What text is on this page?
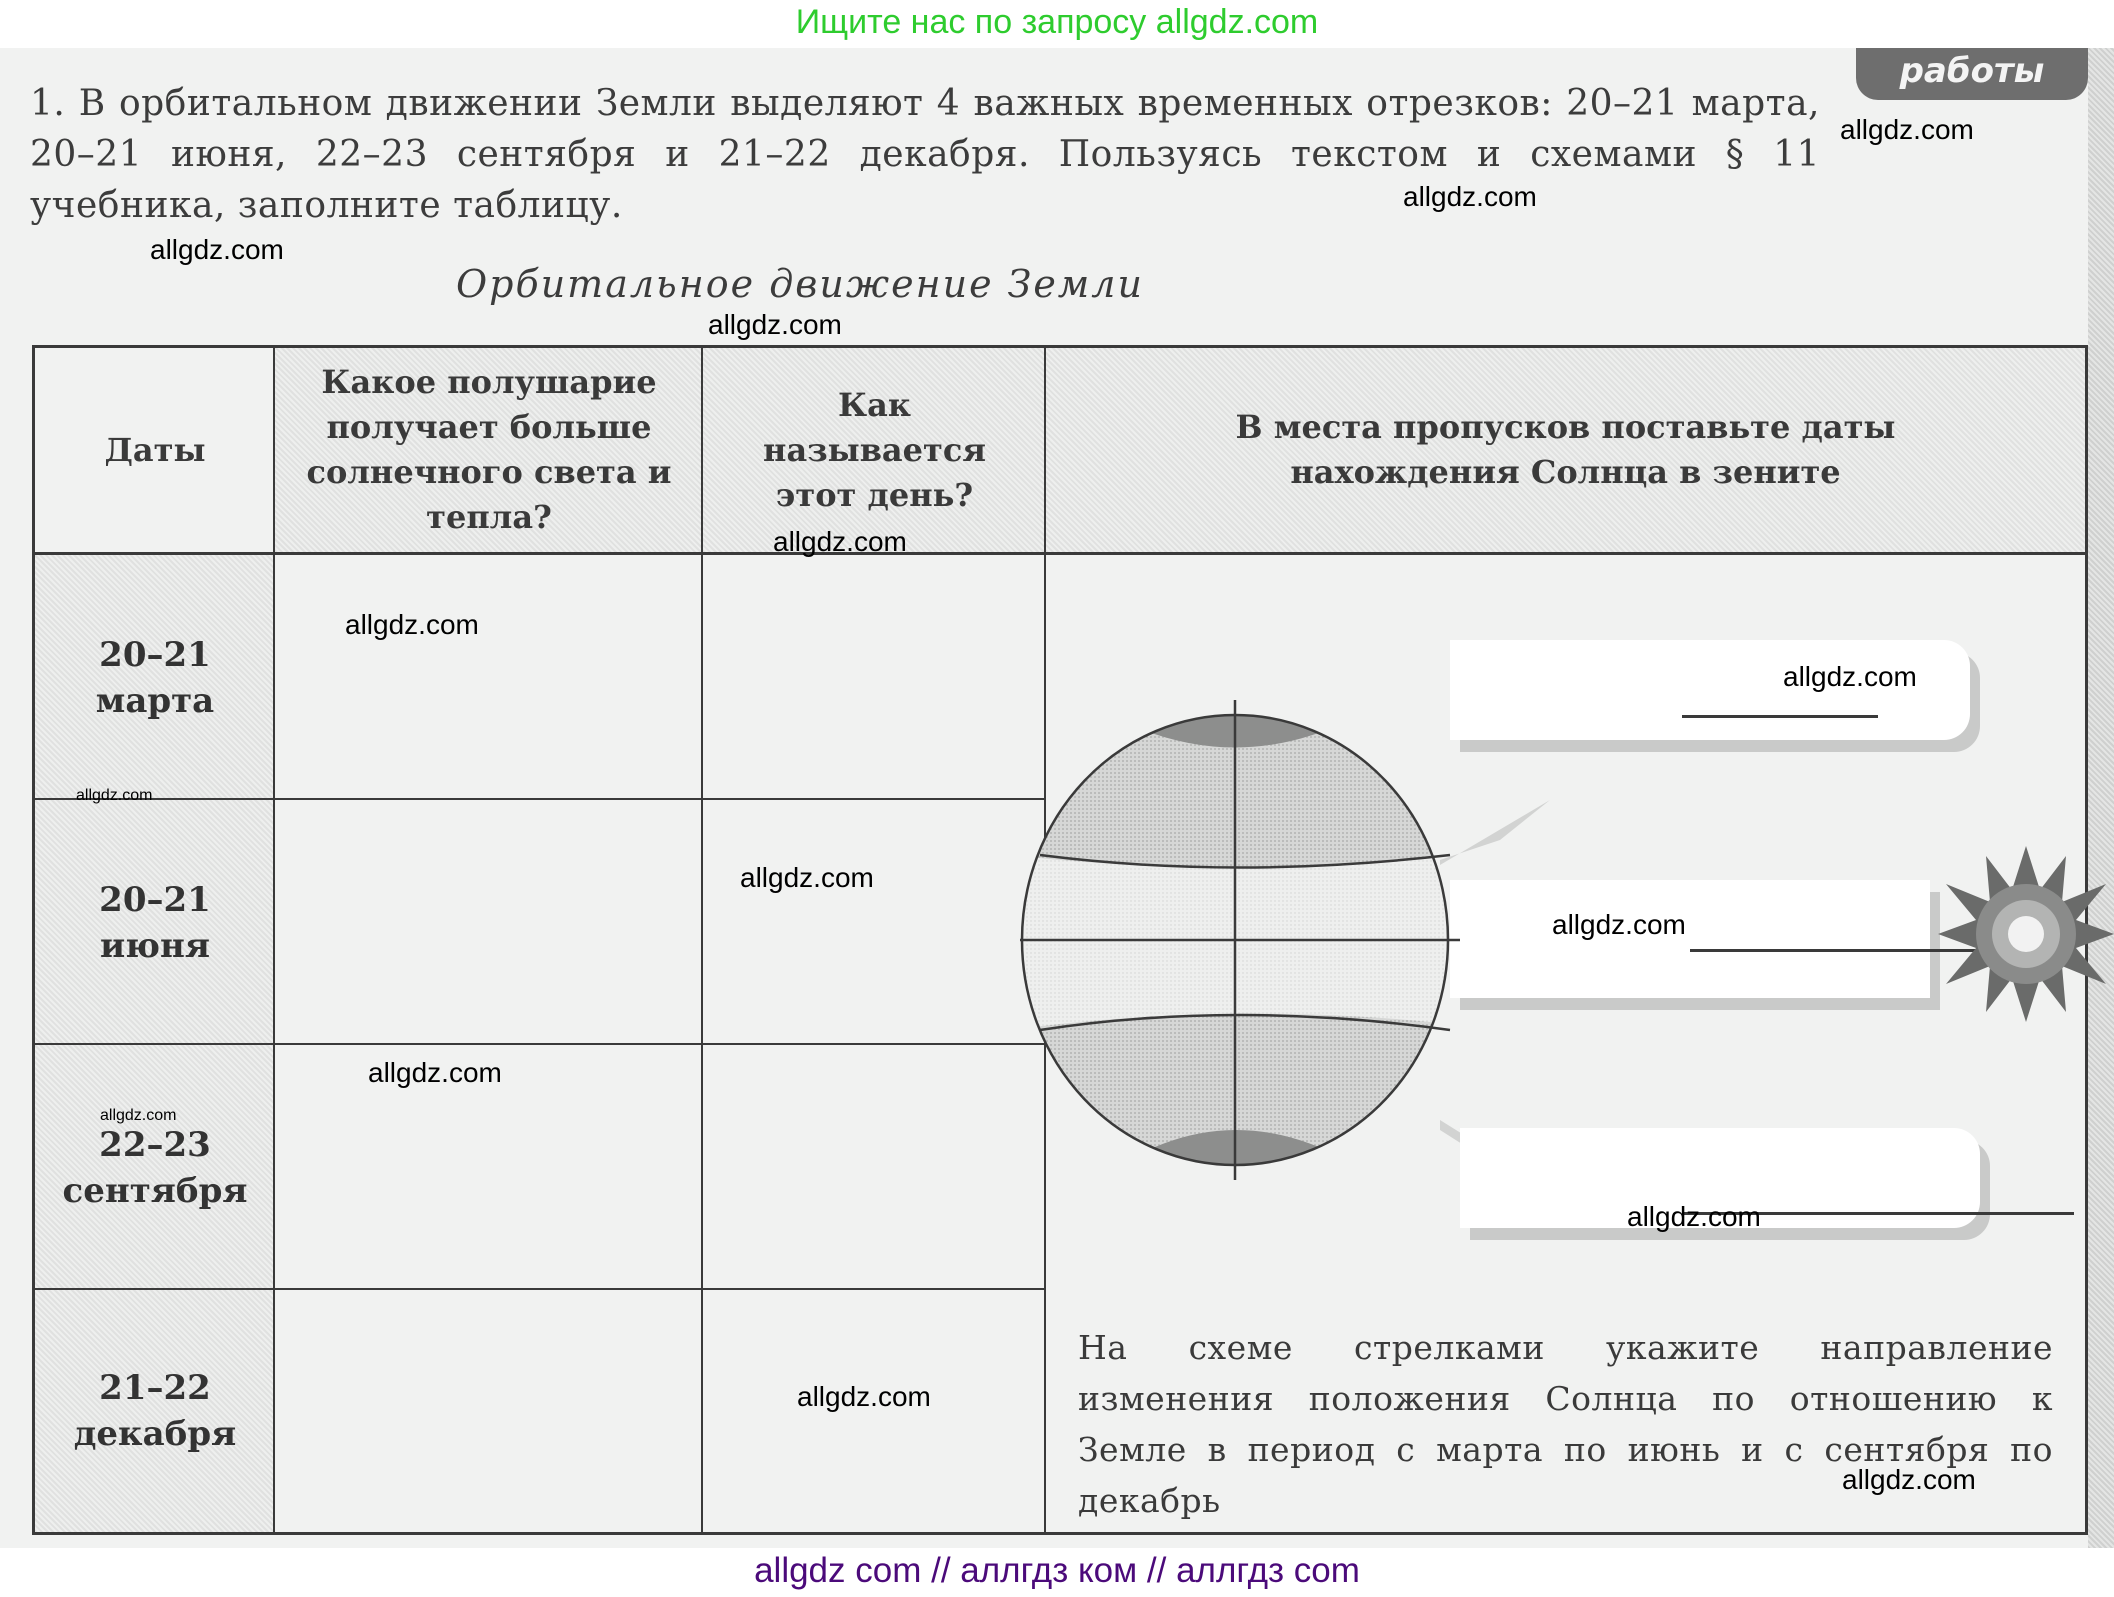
Ищите нас по запросу allgdz.com
работы
1. В орбитальном движении Земли выделяют 4 важных временных отрезков: 20–21 марта, 20–21 июня, 22–23 сентября и 21–22 декабря. Пользуясь текстом и схемами § 11 учебника, заполните таблицу.
Орбитальное движение Земли
Даты
Какое полушарие получает больше солнечного света и тепла?
Как называется этот день?
В места пропусков поставьте даты нахождения Солнца в зените
20–21
марта
20–21
июня
22–23
сентября
21–22
декабря
На схеме стрелками укажите направление изменения положения Солнца по отношению к Земле в период с марта по июнь и с сентября по декабрь
allgdz.com
allgdz.com
allgdz.com
allgdz.com
allgdz.com
allgdz.com
allgdz.com
allgdz.com
allgdz.com
allgdz.com
allgdz.com
allgdz.com
allgdz.com
allgdz.com
allgdz.com
allgdz com // аллгдз ком // аллгдз com
